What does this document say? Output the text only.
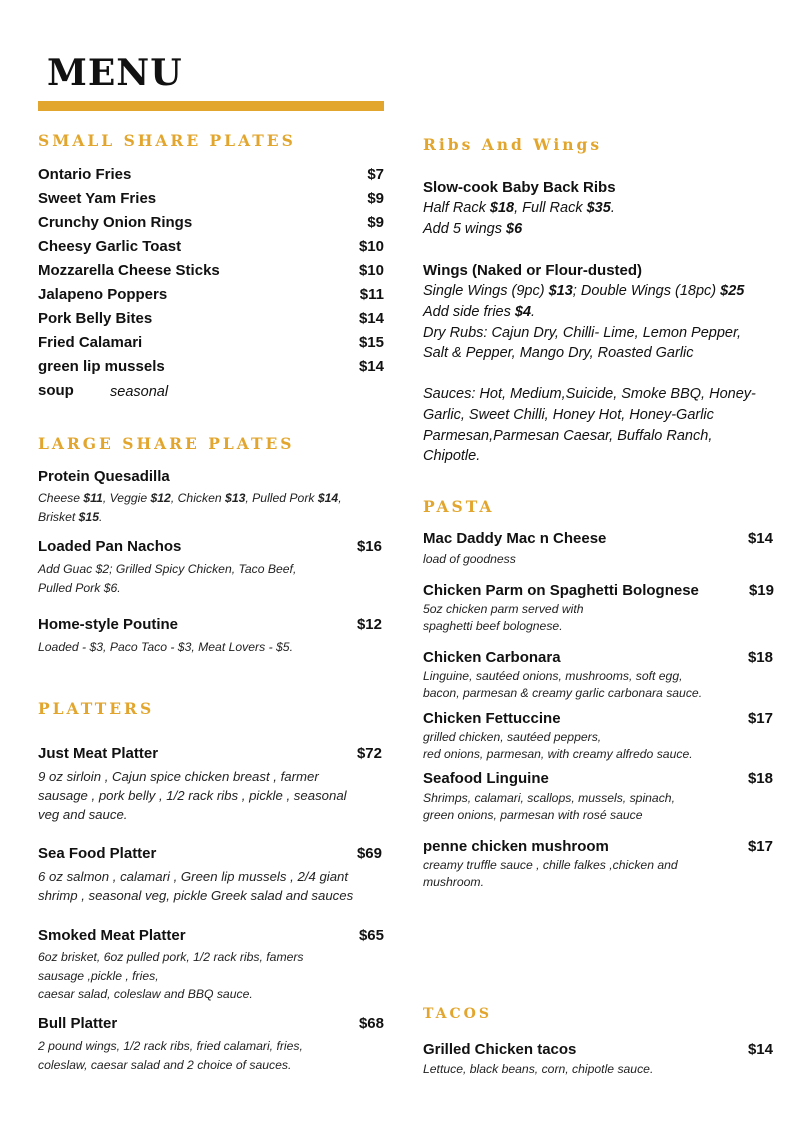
MENU
SMALL SHARE PLATES
Ontario Fries	$7
Sweet Yam Fries	$9
Crunchy Onion Rings	$9
Cheesy Garlic Toast	$10
Mozzarella Cheese Sticks	$10
Jalapeno Poppers	$11
Pork Belly Bites	$14
Fried Calamari	$15
green lip mussels	$14
soup seasonal
LARGE SHARE PLATES
Protein Quesadilla
Cheese $11, Veggie $12, Chicken $13, Pulled Pork $14,
Brisket $15.
Loaded Pan Nachos	$16
Add Guac $2; Grilled Spicy Chicken, Taco Beef,
Pulled Pork $6.
Home-style Poutine	$12
Loaded - $3, Paco Taco - $3, Meat Lovers - $5.
PLATTERS
Just Meat Platter	$72
9 oz sirloin , Cajun spice chicken breast , farmer
sausage , pork belly , 1/2 rack ribs , pickle , seasonal
veg and sauce.
Sea Food Platter	$69
6 oz salmon , calamari , Green lip mussels , 2/4 giant
shrimp , seasonal veg, pickle Greek salad and sauces
Smoked Meat Platter	$65
6oz brisket, 6oz pulled pork, 1/2 rack ribs, famers
sausage ,pickle , fries,
caesar salad, coleslaw and BBQ sauce.
Bull Platter	$68
2 pound wings, 1/2 rack ribs, fried calamari, fries,
coleslaw, caesar salad and 2 choice of sauces.
Ribs And Wings
Slow-cook Baby Back Ribs
Half Rack $18, Full Rack $35.
Add 5 wings $6
Wings (Naked or Flour-dusted)
Single Wings (9pc) $13; Double Wings (18pc) $25
Add side fries $4.
Dry Rubs: Cajun Dry, Chilli- Lime, Lemon Pepper,
Salt & Pepper, Mango Dry, Roasted Garlic
Sauces: Hot, Medium,Suicide, Smoke BBQ, Honey-
Garlic, Sweet Chilli, Honey Hot, Honey-Garlic
Parmesan,Parmesan Caesar, Buffalo Ranch,
Chipotle.
PASTA
Mac Daddy Mac n Cheese	$14
load of goodness
Chicken Parm on Spaghetti Bolognese	$19
5oz chicken parm served with
spaghetti beef bolognese.
Chicken Carbonara	$18
Linguine, sautéed onions, mushrooms, soft egg,
bacon, parmesan & creamy garlic carbonara sauce.
Chicken Fettuccine	$17
grilled chicken, sautéed peppers,
red onions, parmesan, with creamy alfredo sauce.
Seafood Linguine	$18
Shrimps, calamari, scallops, mussels, spinach,
green onions, parmesan with rosé sauce
penne chicken mushroom	$17
creamy truffle sauce , chille falkes ,chicken and
mushroom.
TACOS
Grilled Chicken tacos	$14
Lettuce, black beans, corn, chipotle sauce.
